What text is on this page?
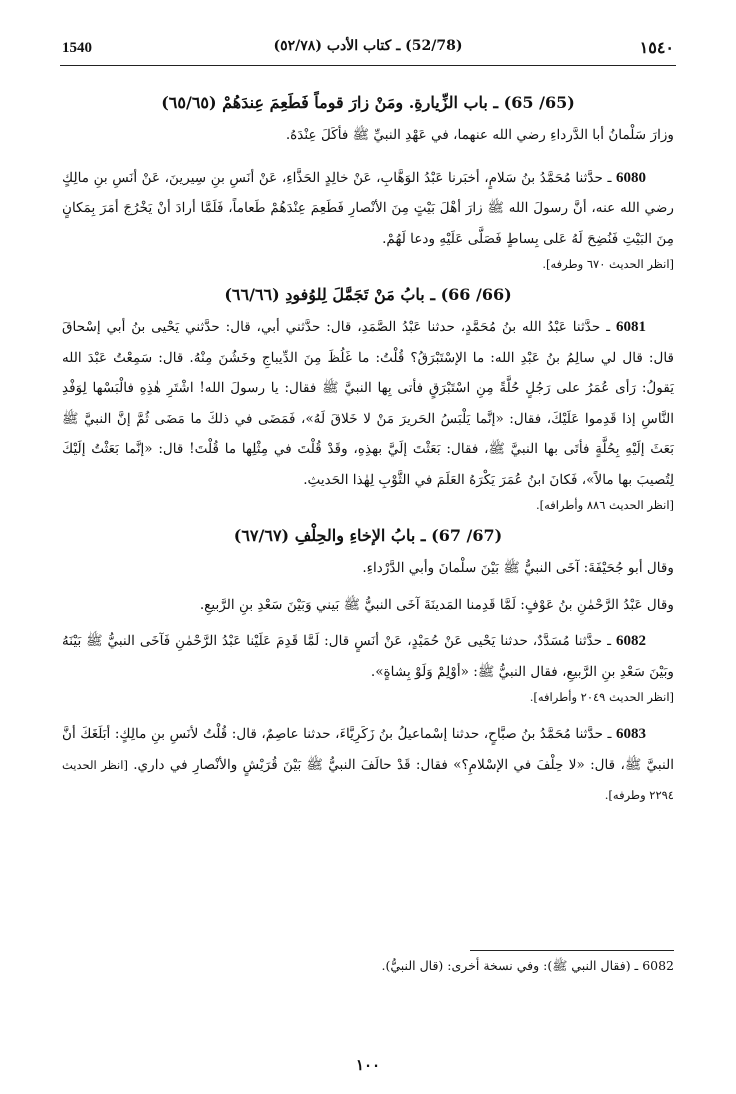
1540	(52/78) ـ كتاب الأدب (٥٢/٧٨)	١٥٤٠
(65/ 65) ـ باب الزِّيارةِ. ومَنْ زارَ قوماً فَطَعِمَ عِندَهُمْ (٦٥/٦٥)

وزارَ سَلْمانُ أبا الدَّرداءِ رضي الله عنهما، في عَهْدِ النبيِّ ﷺ فأكَلَ عِنْدَهُ.

6080 ـ حدَّثنا مُحَمَّدُ بنُ سَلامٍ، أخبَرنا عَبْدُ الوَهَّابِ، عَنْ خالِدٍ الحَذَّاءِ، عَنْ أنَسِ بنِ سِيرينَ، عَنْ أنَسِ بنِ مالِكٍ رضي الله عنه، أنَّ رسولَ الله ﷺ زارَ أهْلَ بَيْتٍ مِنَ الأنْصارِ فَطَعِمَ عِنْدَهُمْ طَعاماً، فَلَمَّا أرادَ أنْ يَخْرُجَ أمَرَ بِمَكانٍ مِنَ البَيْتِ فَنُضِحَ لَهُ عَلى بِساطٍ فَصَلَّى عَلَيْهِ ودعا لَهُمْ.

[انظر الحديث ٦٧٠ وطرفه].
(66/ 66) ـ بابُ مَنْ تَجَمَّلَ لِلوُفودِ (٦٦/٦٦)

6081 ـ حدَّثنا عَبْدُ الله بنُ مُحَمَّدٍ، حدثنا عَبْدُ الصَّمَدِ، قال: حدَّثني أبي، قال: حدَّثني يَحْيى بنُ أبي إسْحاقَ قال: قال لي سالِمُ بنُ عَبْدِ الله: ما الإسْتَبْرَقُ؟ قُلْتُ: ما غَلُظَ مِنَ الدِّيباجِ وخَشُنَ مِنْهُ. قال: سَمِعْتُ عَبْدَ الله يَقولُ: رَأى عُمَرُ على رَجُلٍ حُلَّةً مِنِ اسْتَبْرَقٍ فأتى بِها النبيَّ ﷺ فقال: يا رسولَ الله! اشْتَرِ هٰذِهِ فالْبَسْها لِوَفْدِ النَّاسِ إذا قَدِموا عَلَيْكَ، فقال: «إنَّما يَلْبَسُ الحَريرَ مَنْ لا خَلاقَ لَهُ»، فَمَضَى في ذلكَ ما مَضَى ثُمَّ إنَّ النبيَّ ﷺ بَعَثَ إلَيْهِ بِحُلَّةٍ فأتَى بها النبيَّ ﷺ، فقال: بَعَثْتَ إلَيَّ بهذِهِ، وقَدْ قُلْتَ في مِثْلِها ما قُلْتَ! قال: «إنَّما بَعَثْتُ إلَيْكَ لِتُصيبَ بها مالاً»، فَكانَ ابنُ عُمَرَ يَكْرَهُ العَلَمَ في الثَّوْبِ لِهٰذا الحَديثِ.

[انظر الحديث ٨٨٦ وأطرافه].
(67/ 67) ـ بابُ الإخاءِ والحِلْفِ (٦٧/٦٧)

وقال أبو جُحَيْفَةَ: آخَى النبيُّ ﷺ بَيْنَ سلْمانَ وأبي الدَّرْداءِ.

وقال عَبْدُ الرَّحْمٰنِ بنُ عَوْفٍ: لَمَّا قَدِمنا المَدينَةَ آخَى النبيُّ ﷺ بَيني وَبَيْنَ سَعْدِ بنِ الرَّبيعِ.

6082 ـ حدَّثنا مُسَدَّدٌ، حدثنا يَحْيى عَنْ حُمَيْدٍ، عَنْ أنَسٍ قال: لَمَّا قَدِمَ عَلَيْنا عَبْدُ الرَّحْمٰنِ فَآخَى النبيُّ ﷺ بَيْنَهُ وبَيْنَ سَعْدِ بنِ الرَّبيعِ، فقال النبيُّ ﷺ: «أوْلِمْ وَلَوْ بِشاةٍ».

[انظر الحديث ٢٠٤٩ وأطرافه].

6083 ـ حدَّثنا مُحَمَّدُ بنُ صبَّاحٍ، حدثنا إسْماعيلُ بنُ زَكَرِيَّاءَ، حدثنا عاصِمٌ، قال: قُلْتُ لأنَسِ بنِ مالِكٍ: أبَلَغَكَ أنَّ النبيَّ ﷺ، قال: «لا حِلْفَ في الإسْلامِ؟» فقال: قَدْ حالَفَ النبيُّ ﷺ بَيْنَ قُرَيْشٍ والأنْصارِ في داري. [انظر الحديث ٢٢٩٤ وطرفه].

6082 ـ (فقال النبي ﷺ): وفي نسخة أخرى: (قال النبيُّ).
١٠٠
